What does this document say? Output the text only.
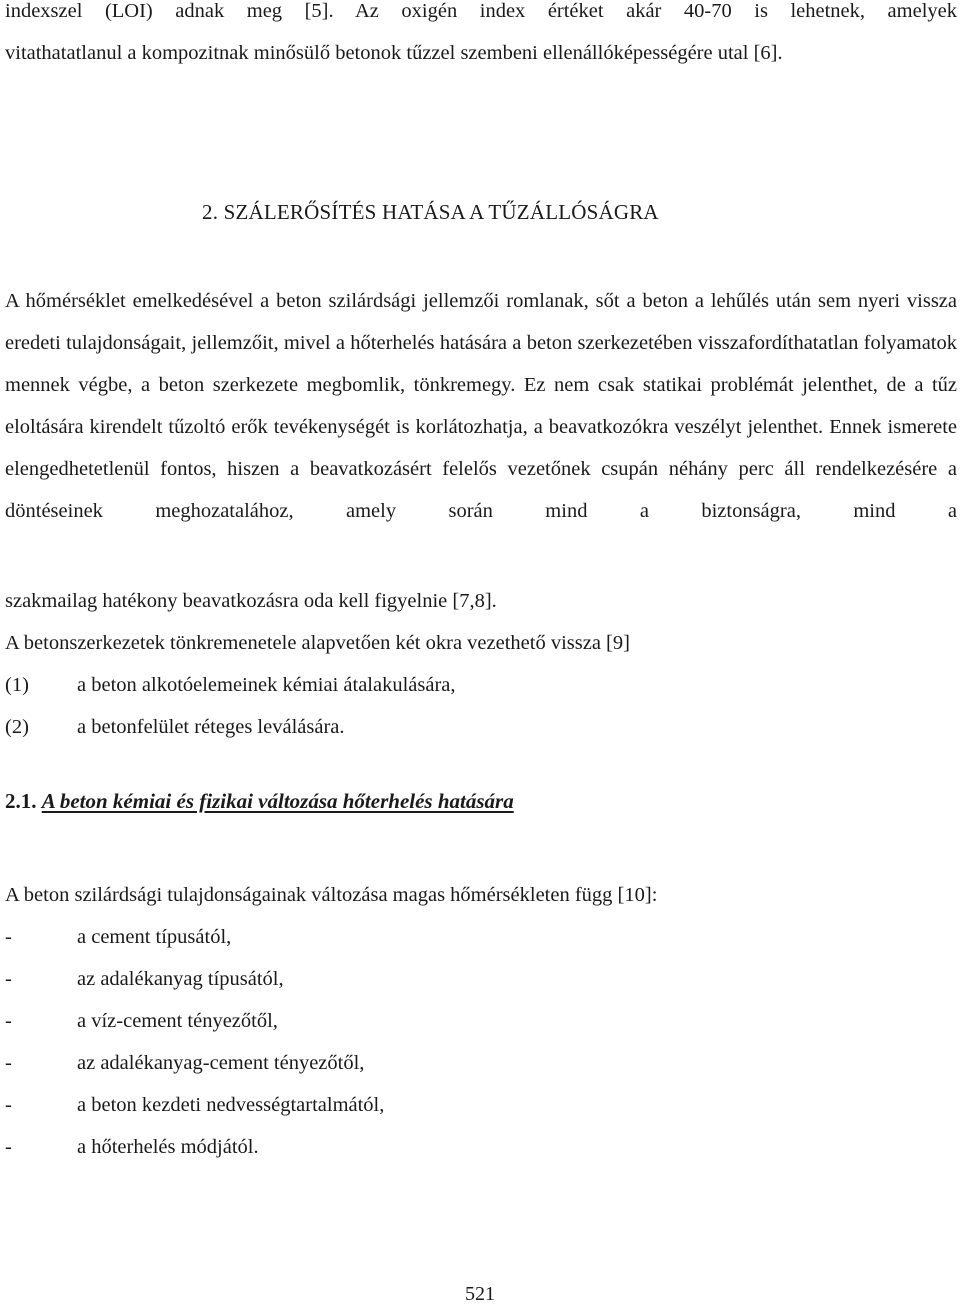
indexszel (LOI) adnak meg [5]. Az oxigén index értéket akár 40-70 is lehetnek, amelyek
vitathatatlanul a kompozitnak minősülő betonok tűzzel szembeni ellenállóképességére utal [6].
2. SZÁLERŐSÍTÉS HATÁSA A TŰZÁLLÓSÁGRA

A hőmérséklet emelkedésével a beton szilárdsági jellemzői romlanak, sőt a beton a lehűlés után sem nyeri vissza eredeti tulajdonságait, jellemzőit, mivel a hőterhelés hatására a beton szerkezetében visszafordíthatatlan folyamatok mennek végbe, a beton szerkezete megbomlik, tönkremegy. Ez nem csak statikai problémát jelenthet, de a tűz eloltására kirendelt tűzoltó erők tevékenységét is korlátozhatja, a beavatkozókra veszélyt jelenthet. Ennek ismerete elengedhetetlenül fontos, hiszen a beavatkozásért felelős vezetőnek csupán néhány perc áll rendelkezésére a döntéseinek meghozatalához, amely során mind a biztonságra, mind a

szakmailag hatékony beavatkozásra oda kell figyelnie [7,8].
A betonszerkezetek tönkremenetele alapvetően két okra vezethető vissza [9]
(1) a beton alkotóelemeinek kémiai átalakulására,
(2) a betonfelület réteges leválására.
2.1. A beton kémiai és fizikai változása hőterhelés hatására
A beton szilárdsági tulajdonságainak változása magas hőmérsékleten függ [10]:
-	a cement típusától,
-	az adalékanyag típusától,
-	a víz-cement tényezőtől,
-	az adalékanyag-cement tényezőtől,
-	a beton kezdeti nedvességtartalmától,
-	a hőterhelés módjától.
521
